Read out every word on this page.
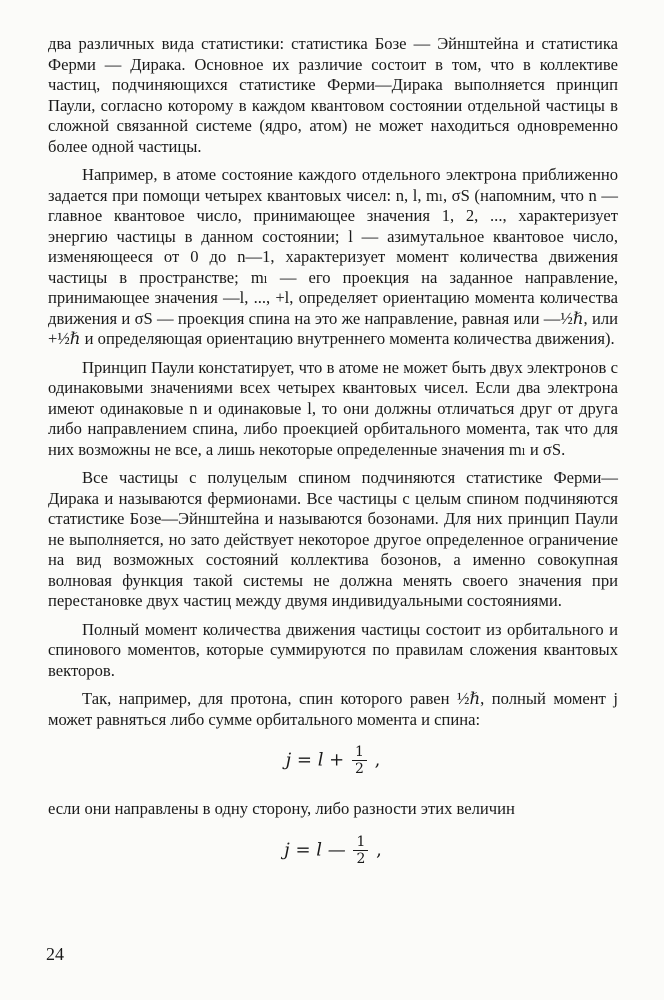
два различных вида статистики: статистика Бозе — Эйнштейна и статистика Ферми — Дирака. Основное их различие состоит в том, что в коллективе частиц, подчиняющихся статистике Ферми—Дирака выполняется принцип Паули, согласно которому в каждом квантовом состоянии отдельной частицы в сложной связанной системе (ядро, атом) не может находиться одновременно более одной частицы.

Например, в атоме состояние каждого отдельного электрона приближенно задается при помощи четырех квантовых чисел: n, l, mₗ, σS (напомним, что n — главное квантовое число, принимающее значения 1, 2, ..., характеризует энергию частицы в данном состоянии; l — азимутальное квантовое число, изменяющееся от 0 до n—1, характеризует момент количества движения частицы в пространстве; mₗ — его проекция на заданное направление, принимающее значения —l, ..., +l, определяет ориентацию момента количества движения и σS — проекция спина на это же направление, равная или —½ℏ, или +½ℏ и определяющая ориентацию внутреннего момента количества движения).

Принцип Паули констатирует, что в атоме не может быть двух электронов с одинаковыми значениями всех четырех квантовых чисел. Если два электрона имеют одинаковые n и одинаковые l, то они должны отличаться друг от друга либо направлением спина, либо проекцией орбитального момента, так что для них возможны не все, а лишь некоторые определенные значения mₗ и σS.

Все частицы с полуцелым спином подчиняются статистике Ферми—Дирака и называются фермионами. Все частицы с целым спином подчиняются статистике Бозе—Эйнштейна и называются бозонами. Для них принцип Паули не выполняется, но зато действует некоторое другое определенное ограничение на вид возможных состояний коллектива бозонов, а именно совокупная волновая функция такой системы не должна менять своего значения при перестановке двух частиц между двумя индивидуальными состояниями.

Полный момент количества движения частицы состоит из орбитального и спинового моментов, которые суммируются по правилам сложения квантовых векторов.

Так, например, для протона, спин которого равен ½ℏ, полный момент j может равняться либо сумме орбитального момента и спина:

$j = l + \frac{1}{2}$ ,

если они направлены в одну сторону, либо разности этих величин

j = l — $\frac{1}{2}$ ,
24
